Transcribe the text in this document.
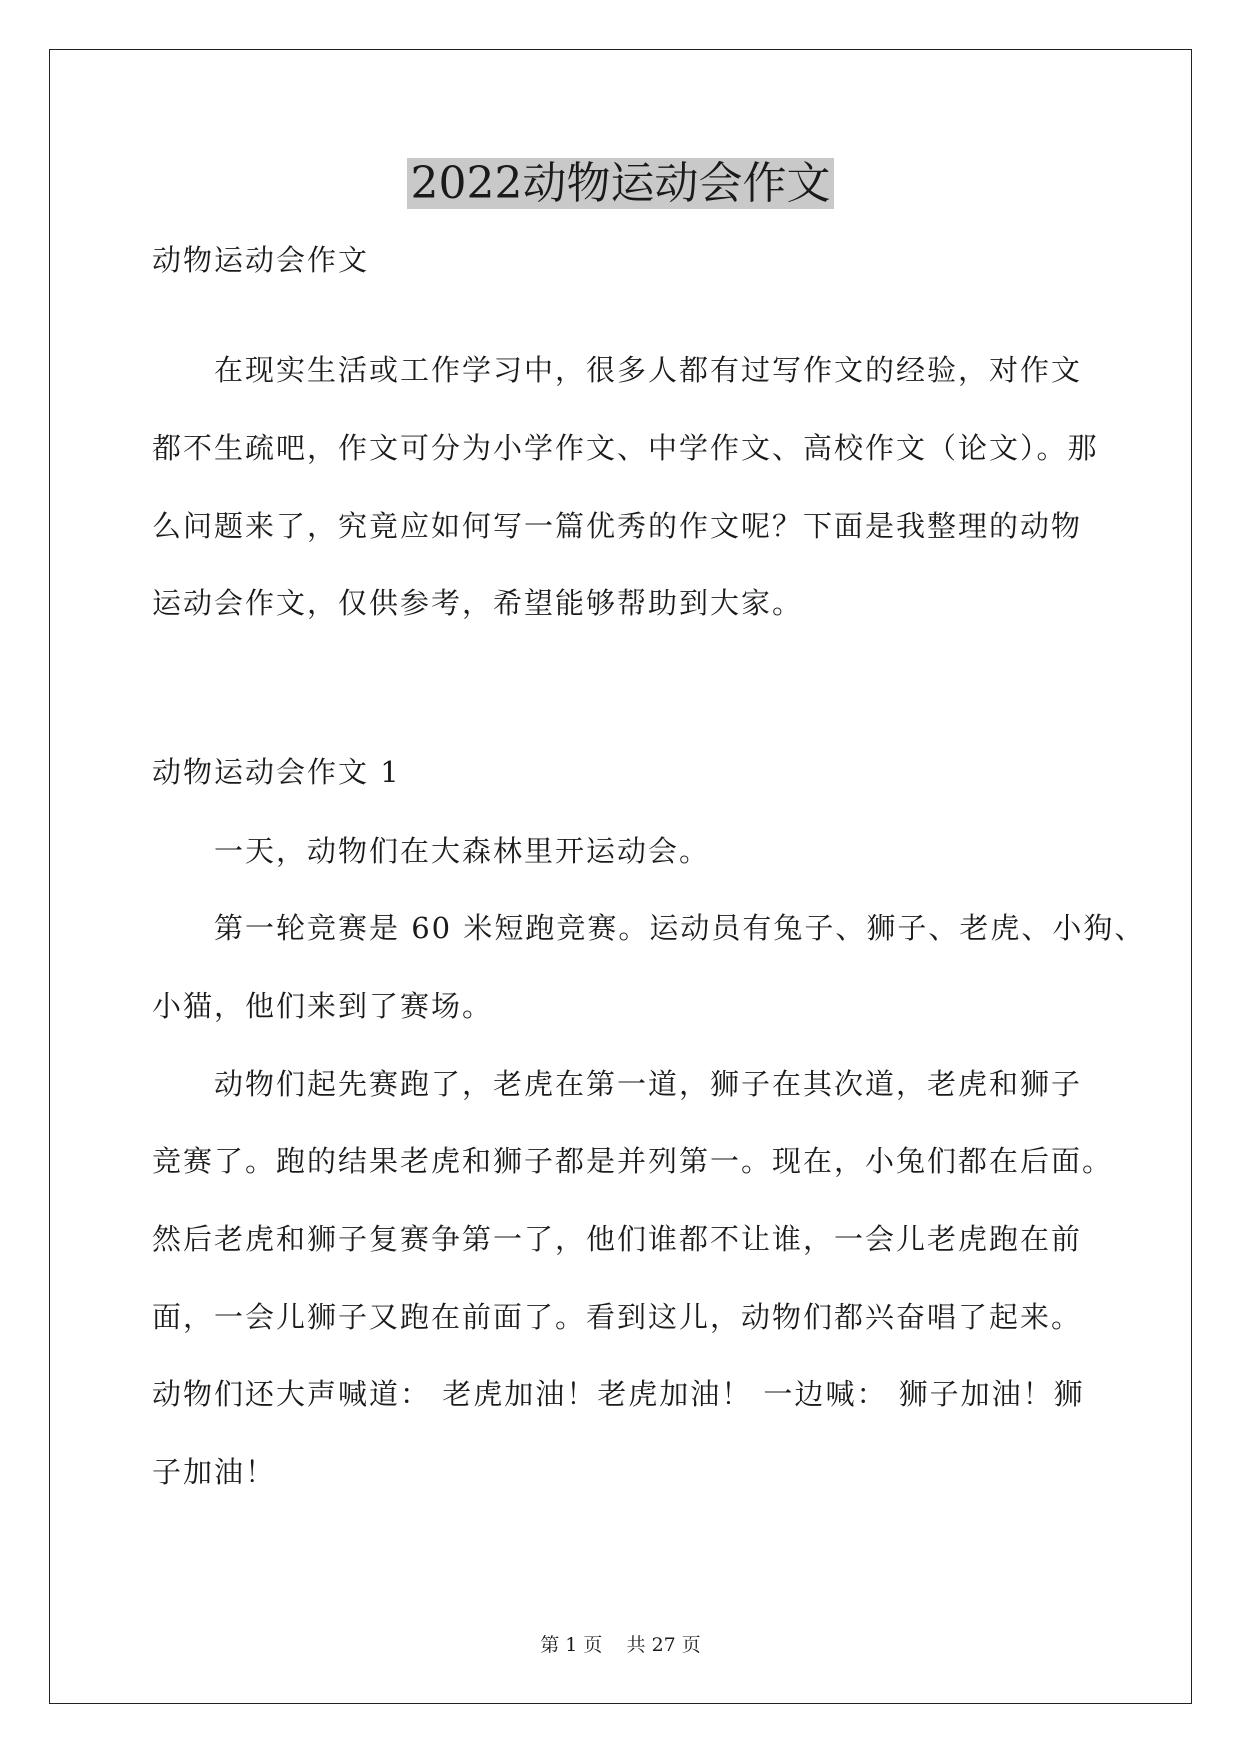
2022动物运动会作文

动物运动会作文

在现实生活或工作学习中，很多人都有过写作文的经验，对作文

都不生疏吧，作文可分为小学作文、中学作文、高校作文（论文）。那

么问题来了，究竟应如何写一篇优秀的作文呢？下面是我整理的动物

运动会作文，仅供参考，希望能够帮助到大家。

动物运动会作文 1

一天，动物们在大森林里开运动会。

第一轮竞赛是 60 米短跑竞赛。运动员有兔子、狮子、老虎、小狗、

小猫，他们来到了赛场。

动物们起先赛跑了，老虎在第一道，狮子在其次道，老虎和狮子

竞赛了。跑的结果老虎和狮子都是并列第一。现在，小兔们都在后面。

然后老虎和狮子复赛争第一了，他们谁都不让谁，一会儿老虎跑在前

面，一会儿狮子又跑在前面了。看到这儿，动物们都兴奋唱了起来。

动物们还大声喊道： 老虎加油！老虎加油！ 一边喊： 狮子加油！狮

子加油！

第 1 页 共 27 页
